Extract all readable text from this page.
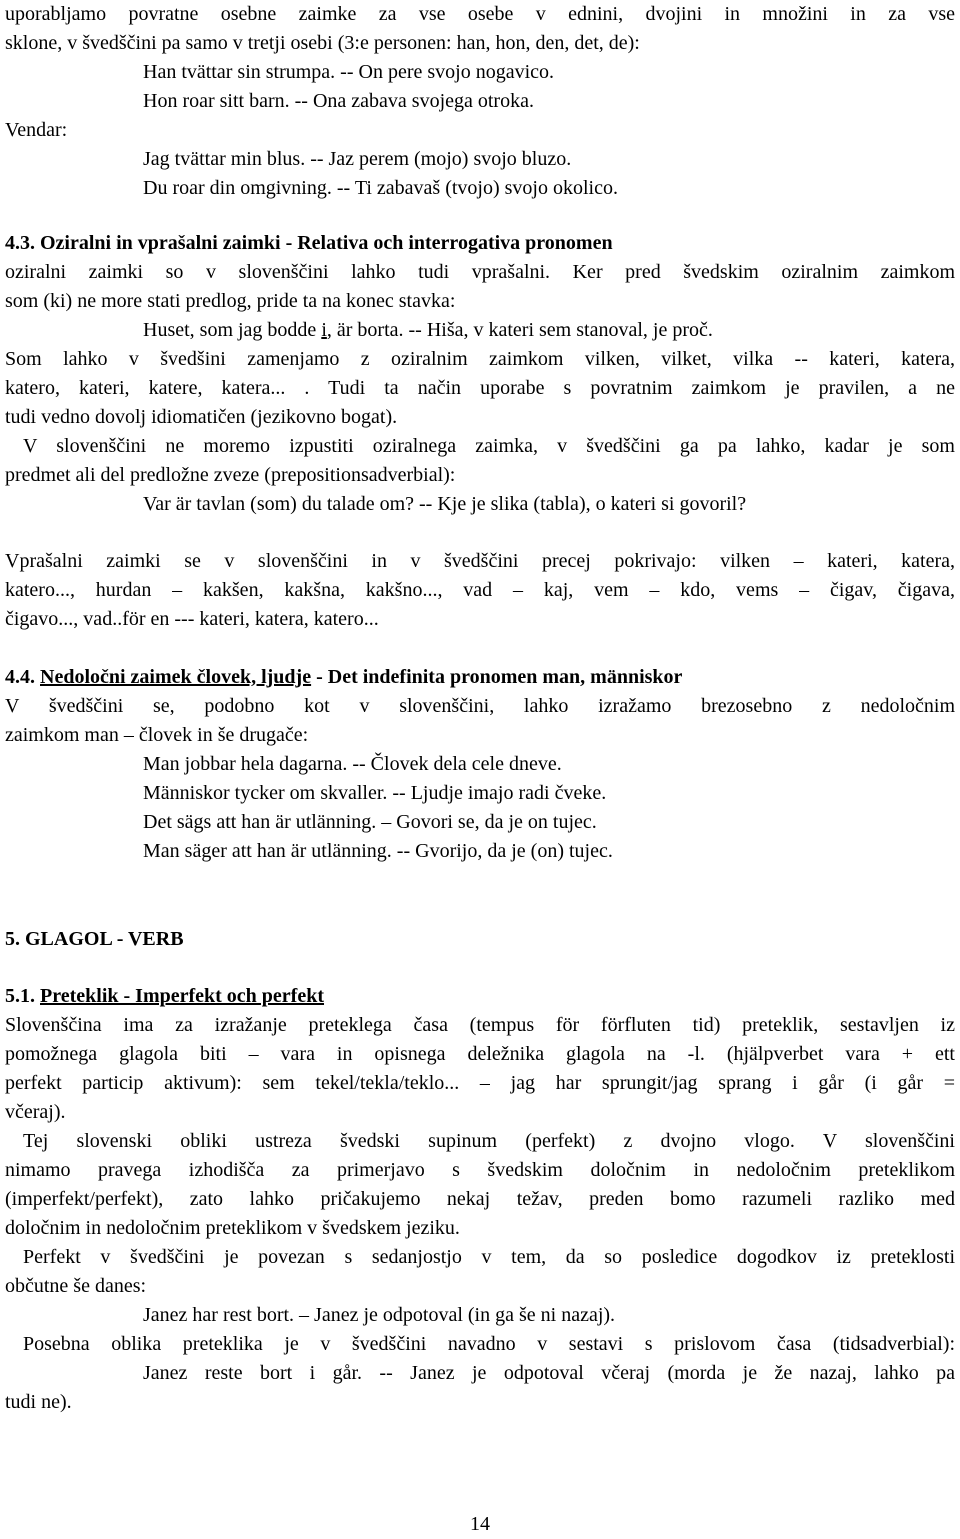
uporabljamo povratne osebne zaimke za vse osebe v ednini, dvojini in množini in za vse
sklone, v švedščini pa samo v tretji osebi (3:e personen: han, hon, den, det, de):
Han tvättar sin strumpa. -- On pere svojo nogavico.
Hon roar sitt barn. -- Ona zabava svojega otroka.
Vendar:
Jag tvättar min blus. -- Jaz perem (mojo) svojo bluzo.
Du roar din omgivning. -- Ti zabavaš (tvojo) svojo okolico.
4.3. Oziralni in vprašalni zaimki - Relativa och interrogativa pronomen
oziralni zaimki so v slovenščini lahko tudi vprašalni. Ker pred švedskim oziralnim zaimkom
som (ki) ne more stati predlog, pride ta na konec stavka:
Huset, som jag bodde i, är borta. -- Hiša, v kateri sem stanoval, je proč.
Som lahko v švedšini zamenjamo z oziralnim zaimkom vilken, vilket, vilka -- kateri, katera,
katero, kateri, katere, katera... . Tudi ta način uporabe s povratnim zaimkom je pravilen, a ne
tudi vedno dovolj idiomatičen (jezikovno bogat).
V slovenščini ne moremo izpustiti oziralnega zaimka, v švedščini ga pa lahko, kadar je som
predmet ali del predložne zveze (prepositionsadverbial):
Var är tavlan (som) du talade om? -- Kje je slika (tabla), o kateri si govoril?
Vprašalni zaimki se v slovenščini in v švedščini precej pokrivajo: vilken – kateri, katera,
katero..., hurdan – kakšen, kakšna, kakšno..., vad – kaj, vem – kdo, vems – čigav, čigava,
čigavo..., vad..för en --- kateri, katera, katero...
4.4. Nedoločni zaimek človek, ljudje - Det indefinita pronomen man, människor
V švedščini se, podobno kot v slovenščini, lahko izražamo brezosebno z nedoločnim
zaimkom man – človek in še drugače:
Man jobbar hela dagarna. -- Človek dela cele dneve.
Människor tycker om skvaller. -- Ljudje imajo radi čveke.
Det sägs att han är utlänning. – Govori se, da je on tujec.
Man säger att han är utlänning. -- Gvorijo, da je (on) tujec.
5. GLAGOL - VERB
5.1. Preteklik - Imperfekt och perfekt
Slovenščina ima za izražanje preteklega časa (tempus för förfluten tid) preteklik, sestavljen iz
pomožnega glagola biti – vara in opisnega deležnika glagola na -l. (hjälpverbet vara + ett
perfekt particip aktivum): sem tekel/tekla/teklo... – jag har sprungit/jag sprang i går (i går =
včeraj).
Tej slovenski obliki ustreza švedski supinum (perfekt) z dvojno vlogo. V slovenščini
nimamo pravega izhodišča za primerjavo s švedskim določnim in nedoločnim preteklikom
(imperfekt/perfekt), zato lahko pričakujemo nekaj težav, preden bomo razumeli razliko med
določnim in nedoločnim preteklikom v švedskem jeziku.
Perfekt v švedščini je povezan s sedanjostjo v tem, da so posledice dogodkov iz preteklosti
občutne še danes:
Janez har rest bort. – Janez je odpotoval (in ga še ni nazaj).
Posebna oblika preteklika je v švedščini navadno v sestavi s prislovom časa (tidsadverbial):
Janez reste bort i går. -- Janez je odpotoval včeraj (morda je že nazaj, lahko pa
tudi ne).
14
